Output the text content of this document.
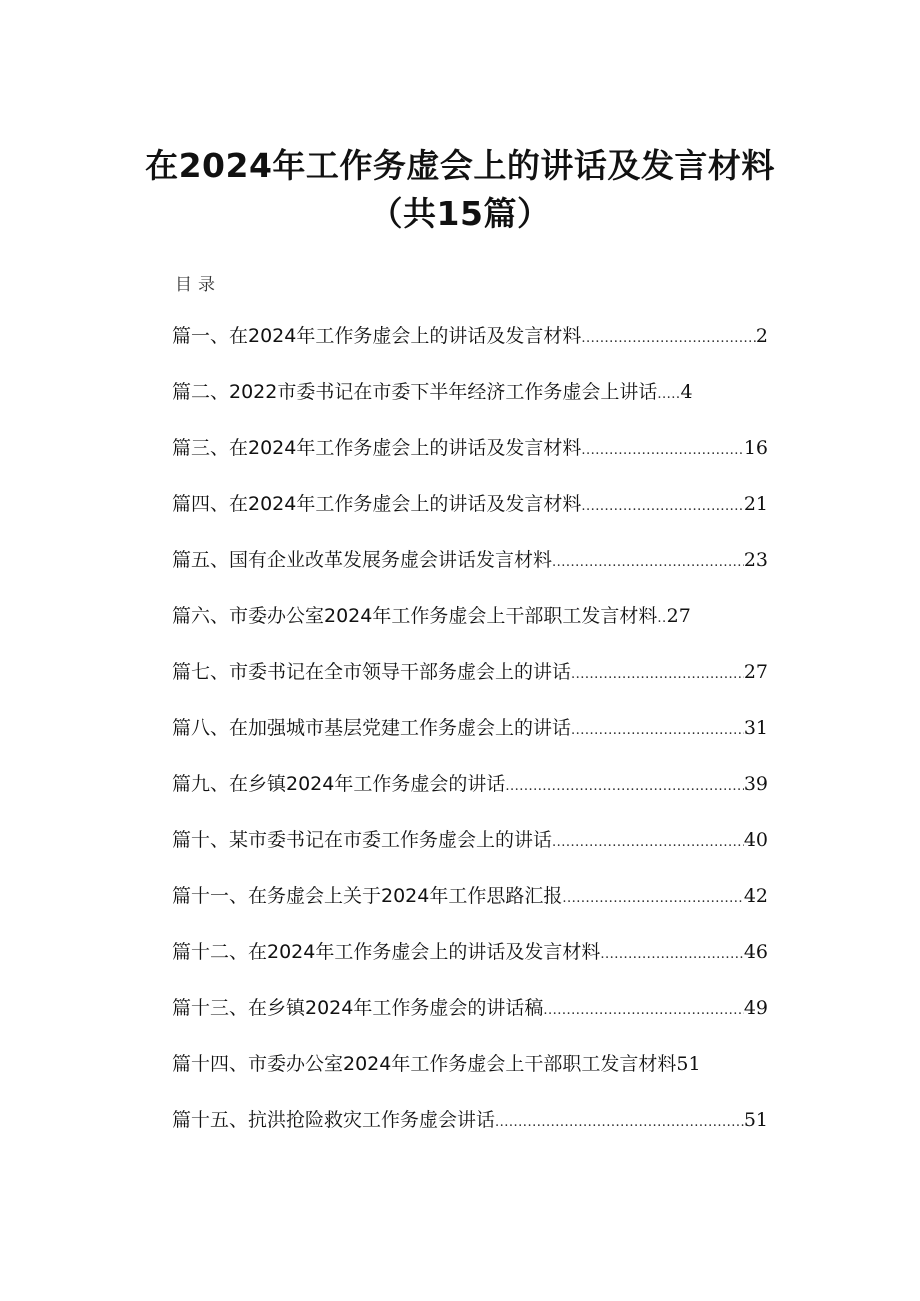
在2024年工作务虚会上的讲话及发言材料
（共15篇）
目录
篇一、在2024年工作务虚会上的讲话及发言材料 .....	2
篇二、2022市委书记在市委下半年经济工作务虚会上讲话 ..... 4
篇三、在2024年工作务虚会上的讲话及发言材料 .....	16
篇四、在2024年工作务虚会上的讲话及发言材料 .....	21
篇五、国有企业改革发展务虚会讲话发言材料 .....	23
篇六、市委办公室2024年工作务虚会上干部职工发言材料 .. 27
篇七、市委书记在全市领导干部务虚会上的讲话 .....	27
篇八、在加强城市基层党建工作务虚会上的讲话 .....	31
篇九、在乡镇2024年工作务虚会的讲话 .....	39
篇十、某市委书记在市委工作务虚会上的讲话 .....	40
篇十一、在务虚会上关于2024年工作思路汇报 .....	42
篇十二、在2024年工作务虚会上的讲话及发言材料 .....	46
篇十三、在乡镇2024年工作务虚会的讲话稿 .....	49
篇十四、市委办公室2024年工作务虚会上干部职工发言材料 51
篇十五、抗洪抢险救灾工作务虚会讲话 .....	51
